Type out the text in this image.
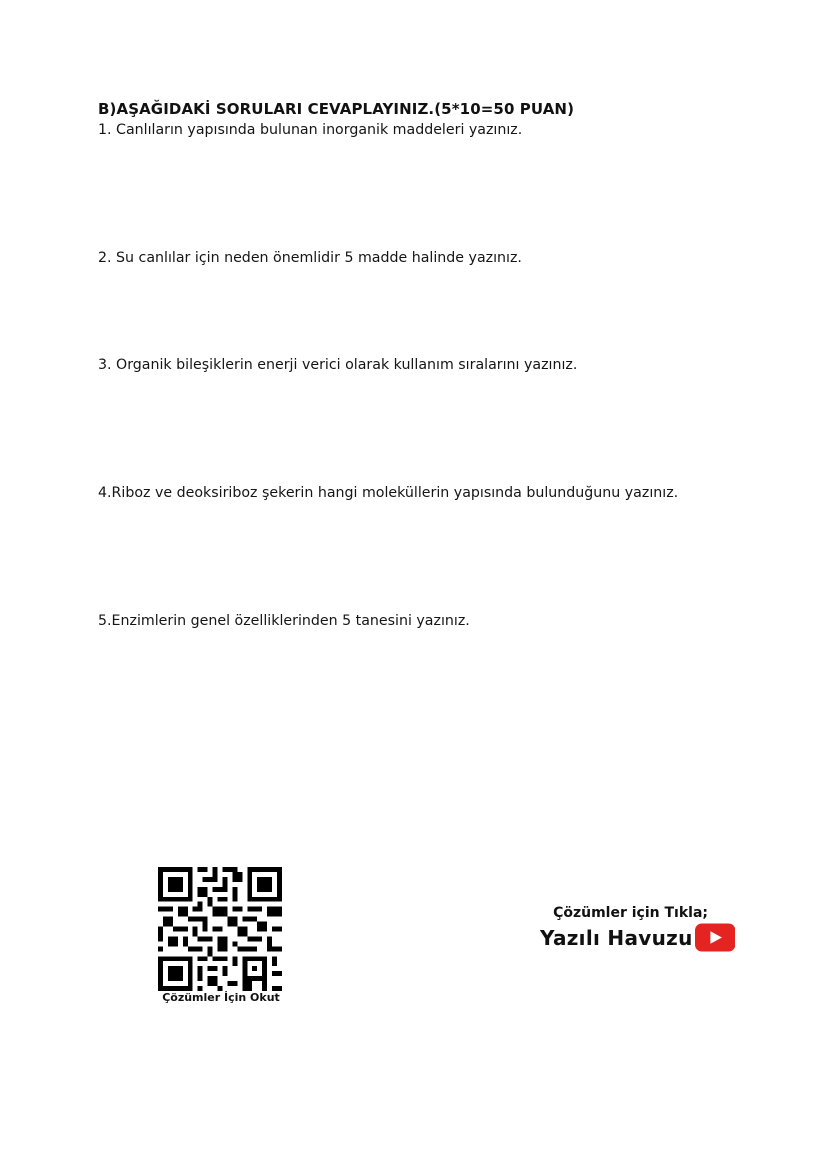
B)AŞAĞIDAKİ SORULARI CEVAPLAYINIZ.(5*10=50 PUAN)
1. Canlıların yapısında bulunan inorganik maddeleri yazınız.
2. Su canlılar için neden önemlidir 5 madde halinde yazınız.
3. Organik bileşiklerin enerji verici olarak kullanım sıralarını yazınız.
4.Riboz ve deoksiriboz şekerin hangi moleküllerin yapısında bulunduğunu yazınız.
5.Enzimlerin genel özelliklerinden 5 tanesini yazınız.
Çözümler İçin Okut
Çözümler için Tıkla;
Yazılı Havuzu
